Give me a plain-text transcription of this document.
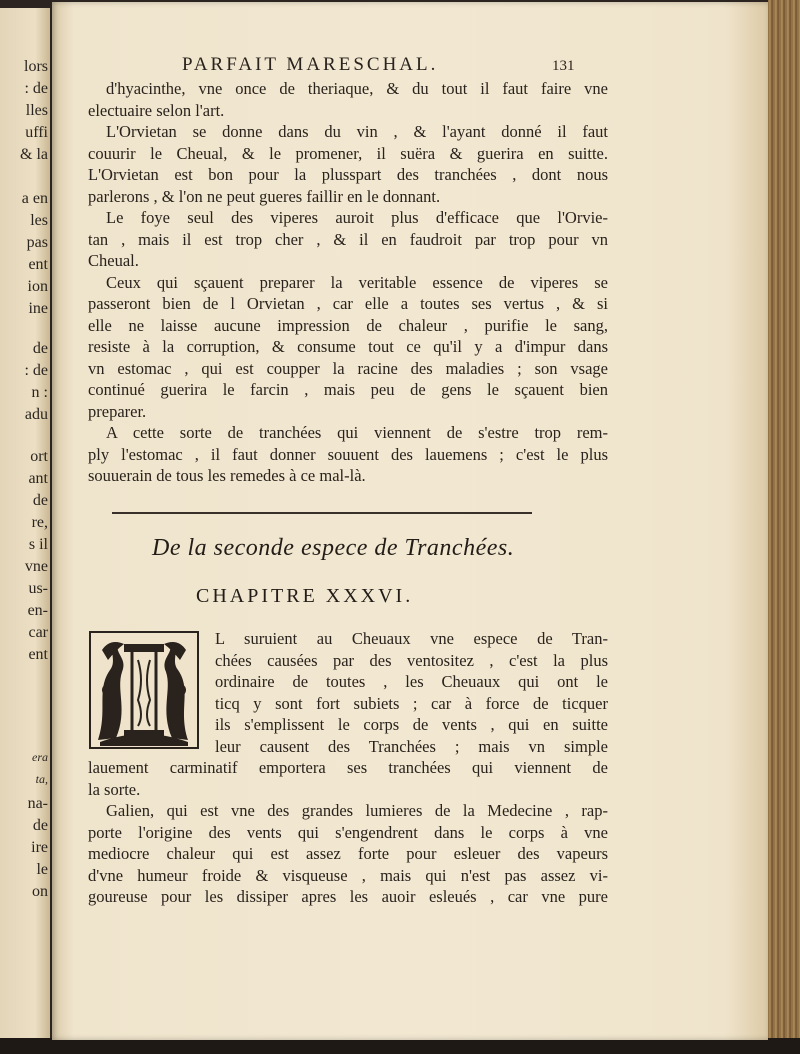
lors
: de
lles
uffi
& la
a en
les
pas
ent
ion
ine
de
: de
n :
adu
ort
ant
de
re,
s il
vne
us-
en-
car
ent
era
ta,
na-
de
ire
le
on
PARFAIT MARESCHAL.	131
d'hyacinthe, vne once de theriaque, & du tout il faut faire vne
electuaire selon l'art.
L'Orvietan se donne dans du vin , & l'ayant donné il faut
couurir le Cheual, & le promener, il suëra & guerira en suitte.
L'Orvietan est bon pour la plusspart des tranchées , dont nous
parlerons , & l'on ne peut gueres faillir en le donnant.
Le foye seul des viperes auroit plus d'efficace que l'Orvie-
tan , mais il est trop cher , & il en faudroit par trop pour vn
Cheual.
Ceux qui sçauent preparer la veritable essence de viperes se
passeront bien de l Orvietan , car elle a toutes ses vertus , & si
elle ne laisse aucune impression de chaleur , purifie le sang,
resiste à la corruption, & consume tout ce qu'il y a d'impur dans
vn estomac , qui est coupper la racine des maladies ; son vsage
continué guerira le farcin , mais peu de gens le sçauent bien
preparer.
A cette sorte de tranchées qui viennent de s'estre trop rem-
ply l'estomac , il faut donner souuent des lauemens ; c'est le plus
souuerain de tous les remedes à ce mal-là.
De la seconde espece de Tranchées.
CHAPITRE XXXVI.
L suruient au Cheuaux vne espece de Tran-
chées causées par des ventositez , c'est la plus
ordinaire de toutes , les Cheuaux qui ont le
ticq y sont fort subiets ; car à force de ticquer
ils s'emplissent le corps de vents , qui en suitte
leur causent des Tranchées ; mais vn simple
lauement carminatif emportera ses tranchées qui viennent de
la sorte.
Galien, qui est vne des grandes lumieres de la Medecine , rap-
porte l'origine des vents qui s'engendrent dans le corps à vne
mediocre chaleur qui est assez forte pour esleuer des vapeurs
d'vne humeur froide & visqueuse , mais qui n'est pas assez vi-
goureuse pour les dissiper apres les auoir esleués , car vne pure
